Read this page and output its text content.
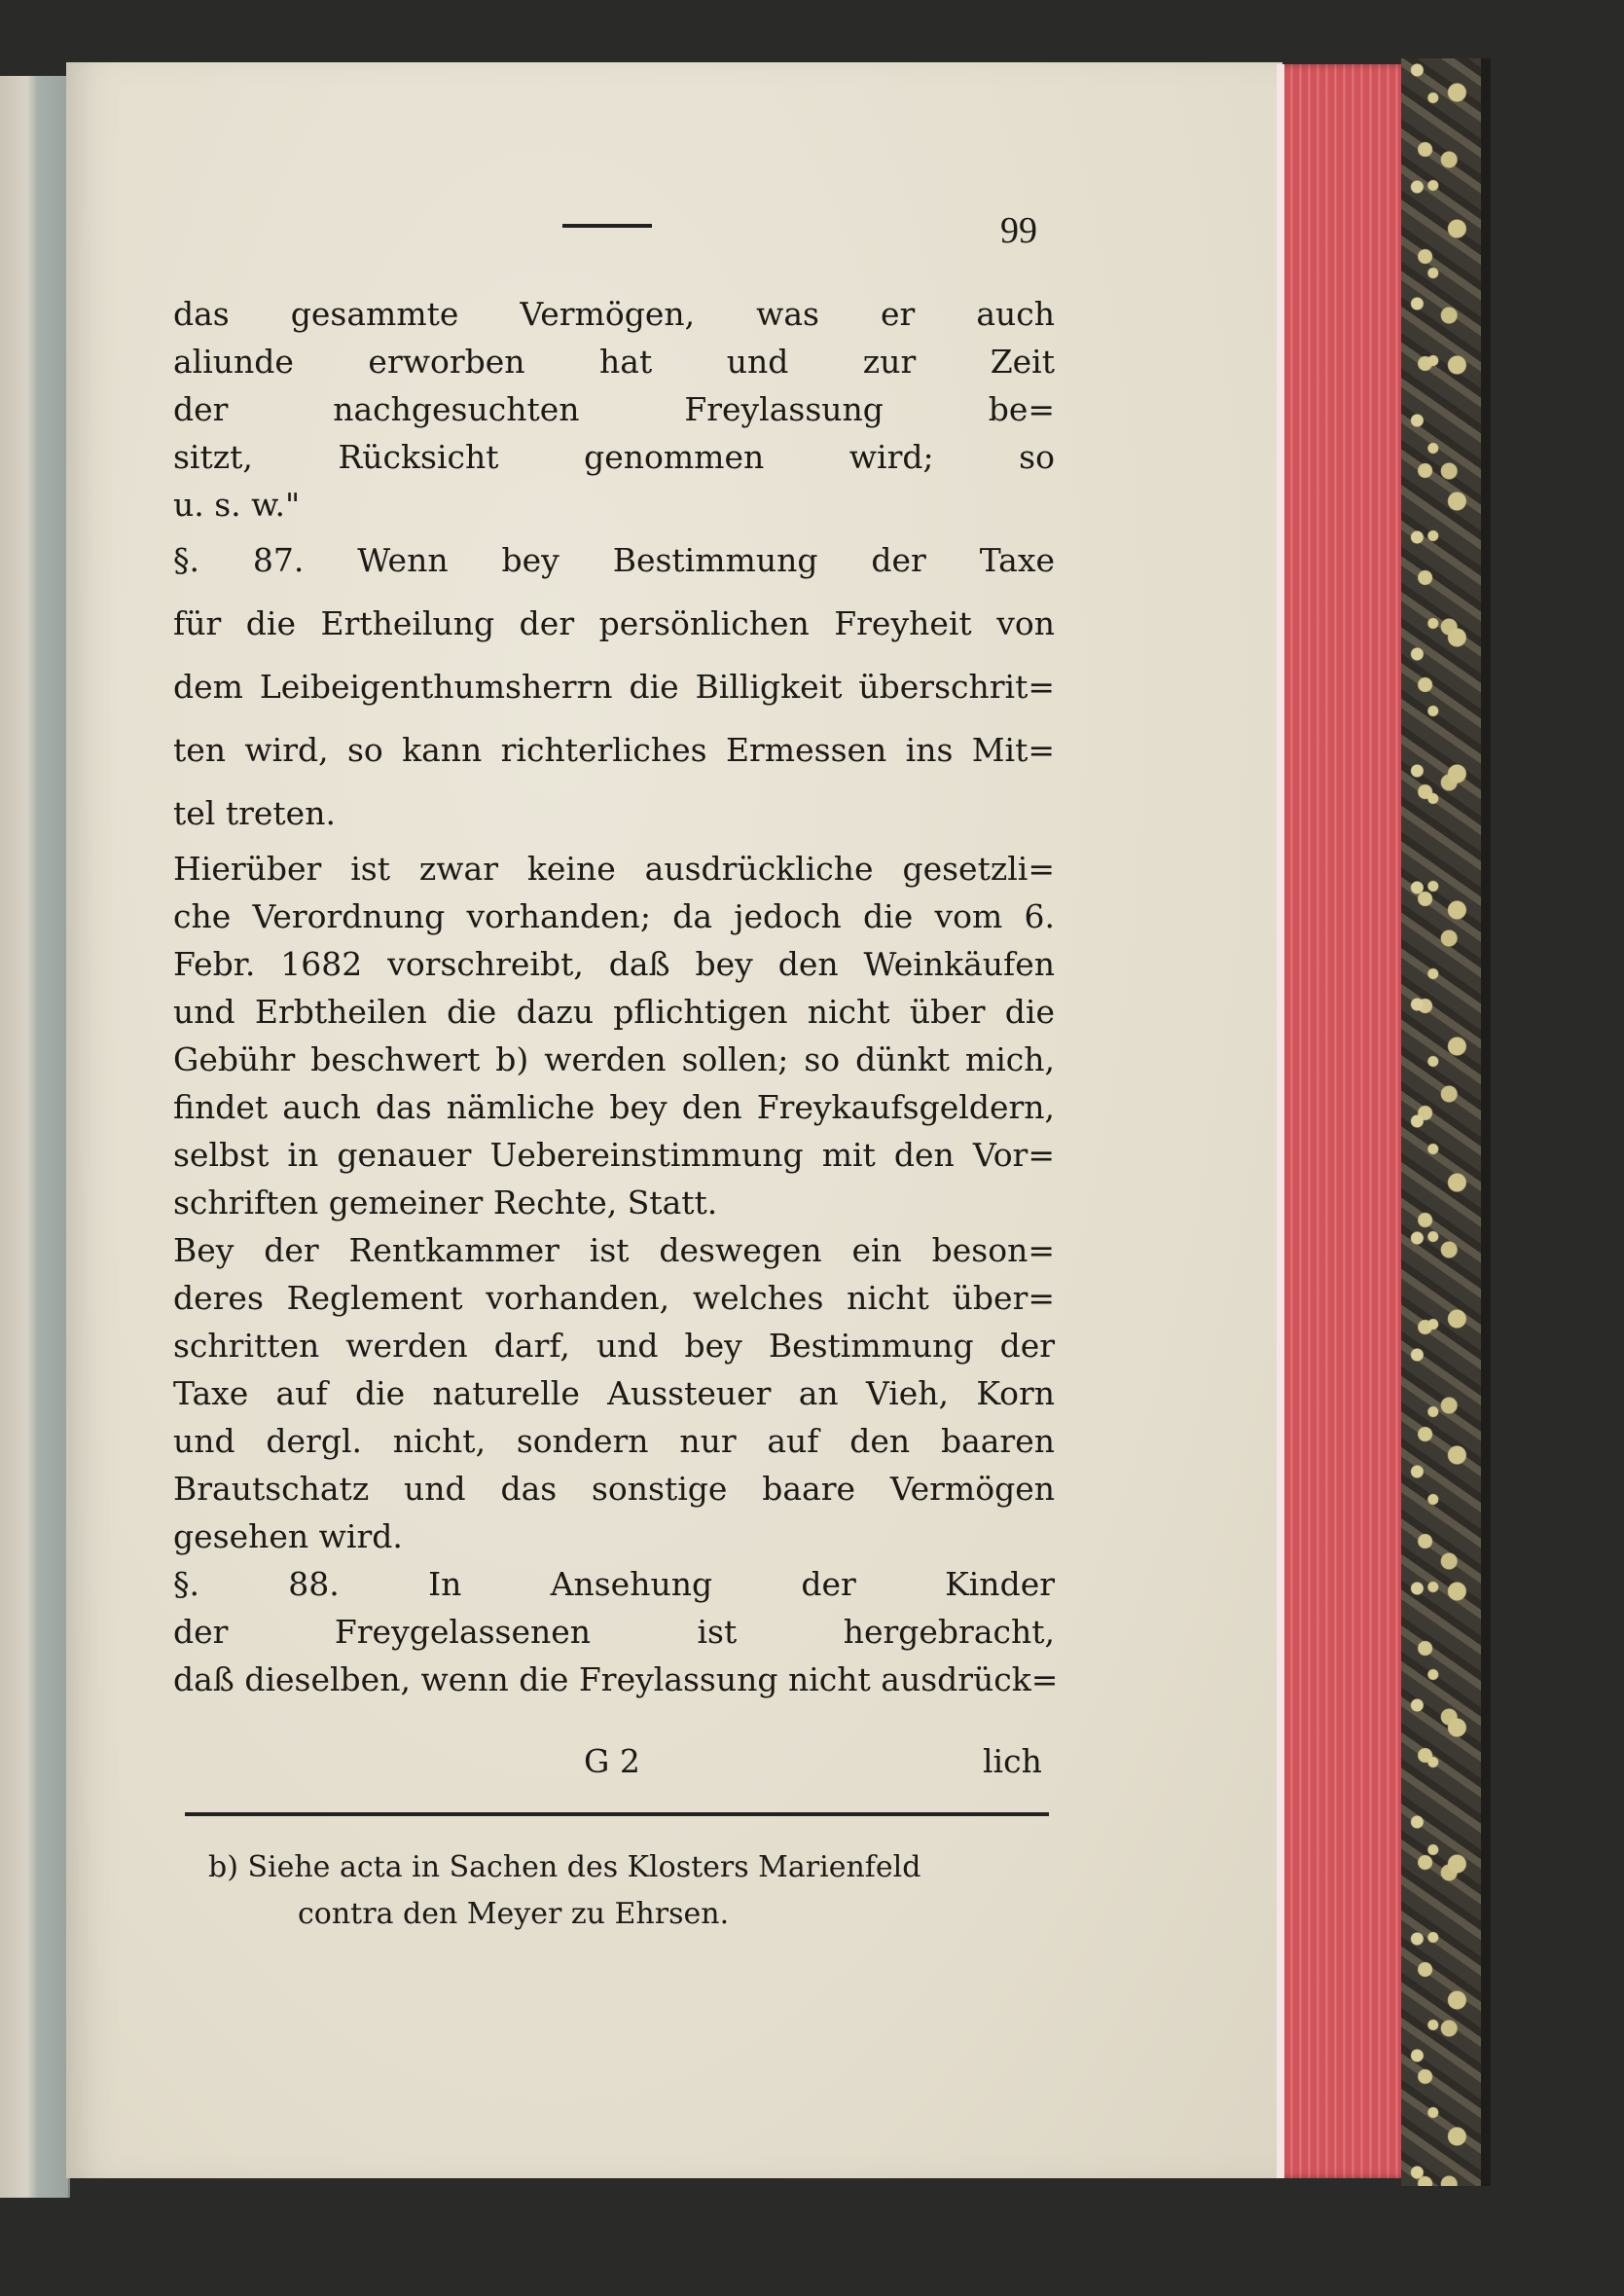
99
das gesammte Vermögen, was er auch
aliunde erworben hat und zur Zeit
der nachgesuchten Freylassung be=
sitzt, Rücksicht genommen wird; so
u. s. w."
§. 87. Wenn bey Bestimmung der Taxe
für die Ertheilung der persönlichen Freyheit von
dem Leibeigenthumsherrn die Billigkeit überschrit=
ten wird, so kann richterliches Ermessen ins Mit=
tel treten.
Hierüber ist zwar keine ausdrückliche gesetzli=
che Verordnung vorhanden; da jedoch die vom 6.
Febr. 1682 vorschreibt, daß bey den Weinkäufen
und Erbtheilen die dazu pflichtigen nicht über die
Gebühr beschwert b) werden sollen; so dünkt mich,
findet auch das nämliche bey den Freykaufsgeldern,
selbst in genauer Uebereinstimmung mit den Vor=
schriften gemeiner Rechte, Statt.
Bey der Rentkammer ist deswegen ein beson=
deres Reglement vorhanden, welches nicht über=
schritten werden darf, und bey Bestimmung der
Taxe auf die naturelle Aussteuer an Vieh, Korn
und dergl. nicht, sondern nur auf den baaren
Brautschatz und das sonstige baare Vermögen
gesehen wird.
§. 88. In Ansehung der Kinder
der Freygelassenen ist hergebracht,
daß dieselben, wenn die Freylassung nicht ausdrück=
G 2	lich
b) Siehe acta in Sachen des Klosters Marienfeld
contra den Meyer zu Ehrsen.
